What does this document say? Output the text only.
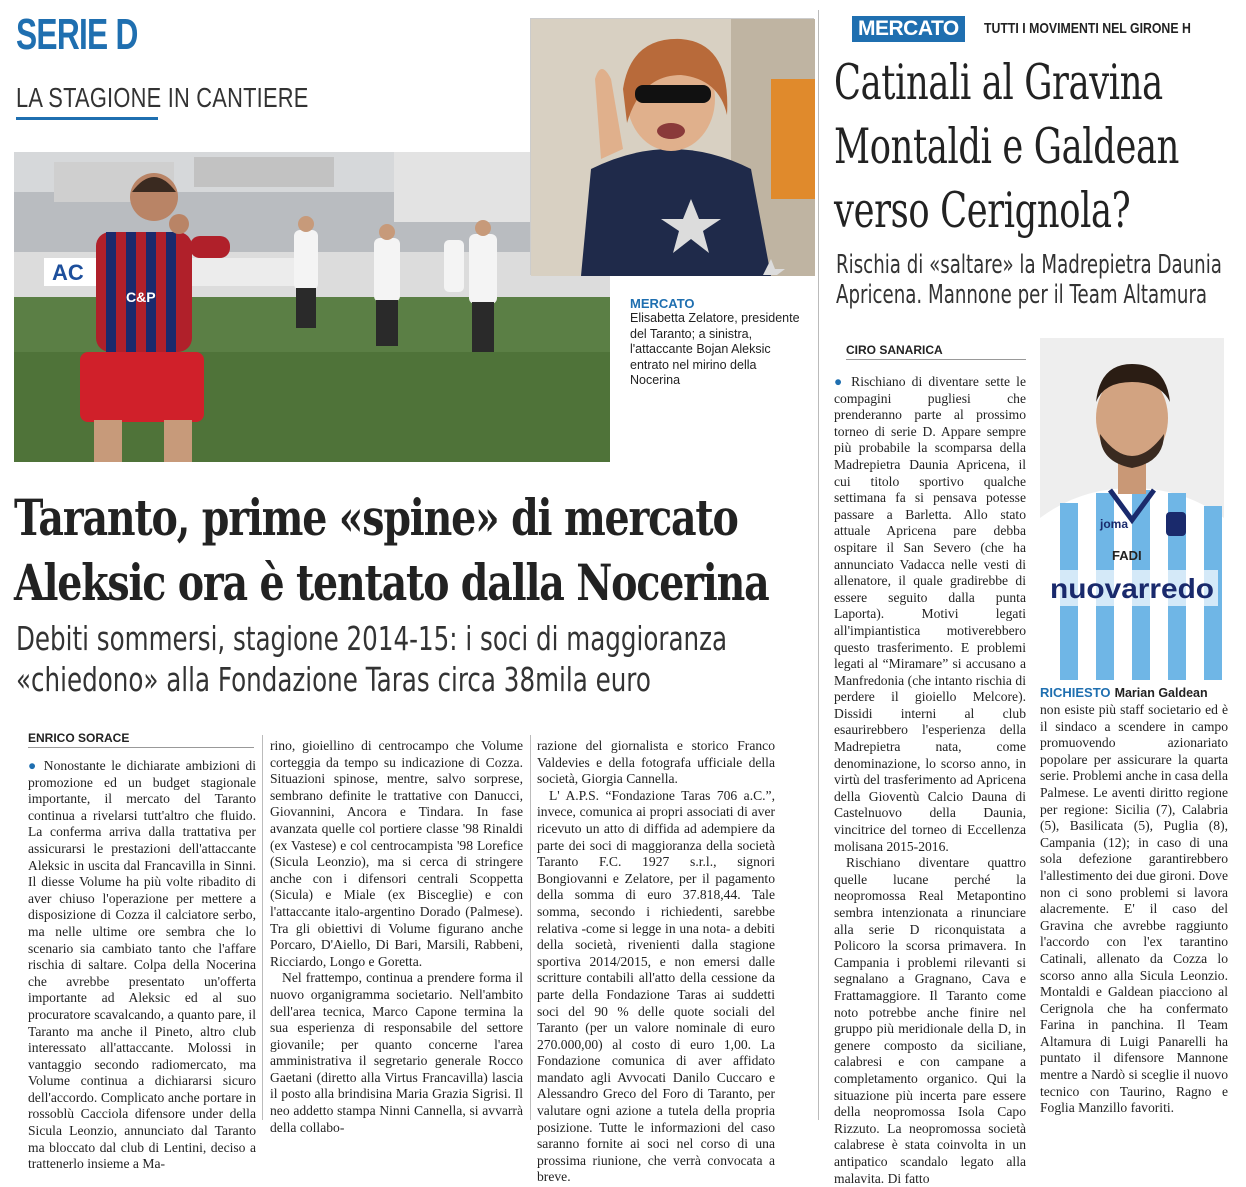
SERIE D
LA STAGIONE IN CANTIERE
AC
C&P	MERCATO
Elisabetta Zelatore, presidente del Taranto; a sinistra, l'attaccante Bojan Aleksic entrato nel mirino della Nocerina
Taranto, prime «spine» di mercato
Aleksic ora è tentato dalla Nocerina
Debiti sommersi, stagione 2014-15: i soci di maggioranza
«chiedono» alla Fondazione Taras circa 38mila euro
ENRICO SORACE

● Nonostante le dichiarate ambizioni di promozione ed un budget stagionale importante, il mercato del Taranto continua a rivelarsi tutt'altro che fluido. La conferma arriva dalla trattativa per assicurarsi le prestazioni dell'attaccante Aleksic in uscita dal Francavilla in Sinni. Il diesse Volume ha più volte ribadito di aver chiuso l'operazione per mettere a disposizione di Cozza il calciatore serbo, ma nelle ultime ore sembra che lo scenario sia cambiato tanto che l'affare rischia di saltare. Colpa della Nocerina che avrebbe presentato un'offerta importante ad Aleksic ed al suo procuratore scavalcando, a quanto pare, il Taranto ma anche il Pineto, altro club interessato all'attaccante. Molossi in vantaggio secondo radiomercato, ma Volume continua a dichiararsi sicuro dell'accordo. Complicato anche portare in rossoblù Cacciola difensore under della Sicula Leonzio, annunciato dal Taranto ma bloccato dal club di Lentini, deciso a trattenerlo insieme a Ma-

rino, gioiellino di centrocampo che Volume corteggia da tempo su indicazione di Cozza. Situazioni spinose, mentre, salvo sorprese, sembrano definite le trattative con Danucci, Giovannini, Ancora e Tindara. In fase avanzata quelle col portiere classe '98 Rinaldi (ex Vastese) e col centrocampista '98 Lorefice (Sicula Leonzio), ma si cerca di stringere anche con i difensori centrali Scoppetta (Sicula) e Miale (ex Bisceglie) e con l'attaccante italo-argentino Dorado (Palmese). Tra gli obiettivi di Volume figurano anche Porcaro, D'Aiello, Di Bari, Marsili, Rabbeni, Ricciardo, Longo e Goretta.

Nel frattempo, continua a prendere forma il nuovo organigramma societario. Nell'ambito dell'area tecnica, Marco Capone termina la sua esperienza di responsabile del settore giovanile; per quanto concerne l'area amministrativa il segretario generale Rocco Gaetani (diretto alla Virtus Francavilla) lascia il posto alla brindisina Maria Grazia Sigrisi. Il neo addetto stampa Ninni Cannella, si avvarrà della collabo-

razione del giornalista e storico Franco Valdevies e della fotografa ufficiale della società, Giorgia Cannella.

L' A.P.S. “Fondazione Taras 706 a.C.”, invece, comunica ai propri associati di aver ricevuto un atto di diffida ad adempiere da parte dei soci di maggioranza della società Taranto F.C. 1927 s.r.l., signori Bongiovanni e Zelatore, per il pagamento della somma di euro 37.818,44. Tale somma, secondo i richiedenti, sarebbe relativa -come si legge in una nota- a debiti della società, rivenienti dalla stagione sportiva 2014/2015, e non emersi dalle scritture contabili all'atto della cessione da parte della Fondazione Taras ai suddetti soci del 90 % delle quote sociali del Taranto (per un valore nominale di euro 270.000,00) al costo di euro 1,00. La Fondazione comunica di aver affidato mandato agli Avvocati Danilo Cuccaro e Alessandro Greco del Foro di Taranto, per valutare ogni azione a tutela della propria posizione. Tutte le informazioni del caso saranno fornite ai soci nel corso di una prossima riunione, che verrà convocata a breve.

MERCATO	TUTTI I MOVIMENTI NEL GIRONE H
Catinali al Gravina
Montaldi e Galdean
verso Cerignola?
Rischia di «saltare» la Madrepietra Daunia
Apricena. Mannone per il Team Altamura
CIRO SANARICA

● Rischiano di diventare sette le compagini pugliesi che prenderanno parte al prossimo torneo di serie D. Appare sempre più probabile la scomparsa della Madrepietra Daunia Apricena, il cui titolo sportivo qualche settimana fa si pensava potesse passare a Barletta. Allo stato attuale Apricena pare debba ospitare il San Severo (che ha annunciato Vadacca nelle vesti di allenatore, il quale gradirebbe di essere seguito dalla punta Laporta). Motivi legati all'impiantistica motiverebbero questo trasferimento. E problemi legati al “Miramare” si accusano a Manfredonia (che intanto rischia di perdere il gioiello Melcore). Dissidi interni al club esaurirebbero l'esperienza della Madrepietra nata, come denominazione, lo scorso anno, in virtù del trasferimento ad Apricena della Gioventù Calcio Dauna di Castelnuovo della Daunia, vincitrice del torneo di Eccellenza molisana 2015-2016.

Rischiano diventare quattro quelle lucane perché la neopromossa Real Metapontino sembra intenzionata a rinunciare alla serie D riconquistata a Policoro la scorsa primavera. In Campania i problemi rilevanti si segnalano a Gragnano, Cava e Frattamaggiore. Il Taranto come noto potrebbe anche finire nel gruppo più meridionale della D, in genere composto da siciliane, calabresi e con campane a completamento organico. Qui la situazione più incerta pare essere della neopromossa Isola Capo Rizzuto. La neopromossa società calabrese è stata coinvolta in un antipatico scandalo legato alla malavita. Di fatto

joma
FADI
nuovarredo
RICHIESTO Marian Galdean

non esiste più staff societario ed è il sindaco a scendere in campo promuovendo azionariato popolare per assicurare la quarta serie. Problemi anche in casa della Palmese. Le aventi diritto regione per regione: Sicilia (7), Calabria (5), Basilicata (5), Puglia (8), Campania (12); in caso di una sola defezione garantirebbero l'allestimento dei due gironi. Dove non ci sono problemi si lavora alacremente. E' il caso del Gravina che avrebbe raggiunto l'accordo con l'ex tarantino Catinali, allenato da Cozza lo scorso anno alla Sicula Leonzio. Montaldi e Galdean piacciono al Cerignola che ha confermato Farina in panchina. Il Team Altamura di Luigi Panarelli ha puntato il difensore Mannone mentre a Nardò si sceglie il nuovo tecnico con Taurino, Ragno e Foglia Manzillo favoriti.
